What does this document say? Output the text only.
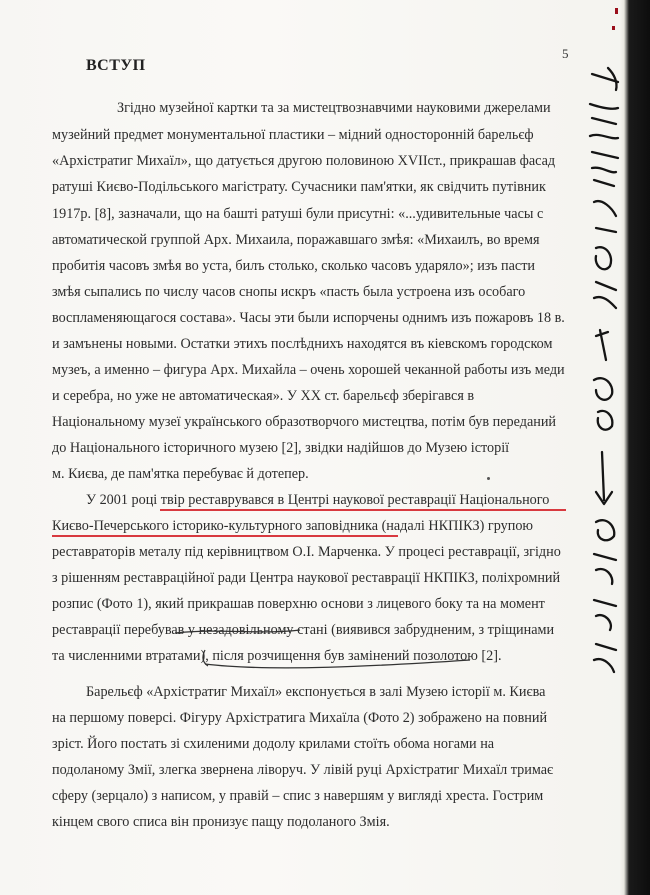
5
ВСТУП
Згідно музейної картки та за мистецтвознавчими науковими джерелами
музейний предмет монументальної пластики – мідний односторонній барельєф
«Архістратиг Михаїл», що датується другою половиною XVIIст., прикрашав фасад
ратуші Києво-Подільського магістрату. Сучасники пам'ятки, як свідчить путівник
1917р. [8], зазначали, що на башті ратуші були присутні: «...удивительные часы с
автоматической группой Арх. Михаила, поражавшаго змѣя: «Михаилъ, во время
пробитія часовъ змѣя во уста, билъ столько, сколько часовъ ударяло»; изъ пасти
змѣя сыпались по числу часов снопы искръ «пасть была устроена изъ особаго
воспламеняющагося состава». Часы эти были испорчены однимъ изъ пожаровъ 18 в.
и замънены новыми. Остатки этихъ послѣднихъ находятся въ кіевскомъ городском
музеъ, а именно – фигура Арх. Михайла – очень хорошей чеканной работы изъ меди
и серебра, но уже не автоматическая». У ХХ ст. барельєф зберігався в
Національному музеї українського образотворчого мистецтва, потім був переданий
до Національного історичного музею [2], звідки надійшов до Музею історії
м. Києва, де пам'ятка перебуває й дотепер.
У 2001 році твір реставрувався в Центрі наукової реставрації Національного
Києво-Печерського історико-культурного заповідника (надалі НКПІКЗ) групою
реставраторів металу під керівництвом О.І. Марченка. У процесі реставрації, згідно
з рішенням реставраційної ради Центра наукової реставрації НКПІКЗ, поліхромний
розпис (Фото 1), який прикрашав поверхню основи з лицевого боку та на момент
реставрації перебував у незадовільному стані (виявився забрудненим, з тріщинами
та численними втратами), після розчищення був замінений позолотою [2].
Барельєф «Архістратиг Михаїл» експонується в залі Музею історії м. Києва
на першому поверсі. Фігуру Архістратига Михаїла (Фото 2) зображено на повний
зріст. Його постать зі схиленими додолу крилами стоїть обома ногами на
подоланому Змії, злегка звернена ліворуч. У лівій руці Архістратиг Михаїл тримає
сферу (зерцало) з написом, у правій – спис з навершям у вигляді хреста. Гострим
кінцем свого списа він пронизує пащу подоланого Змія.
